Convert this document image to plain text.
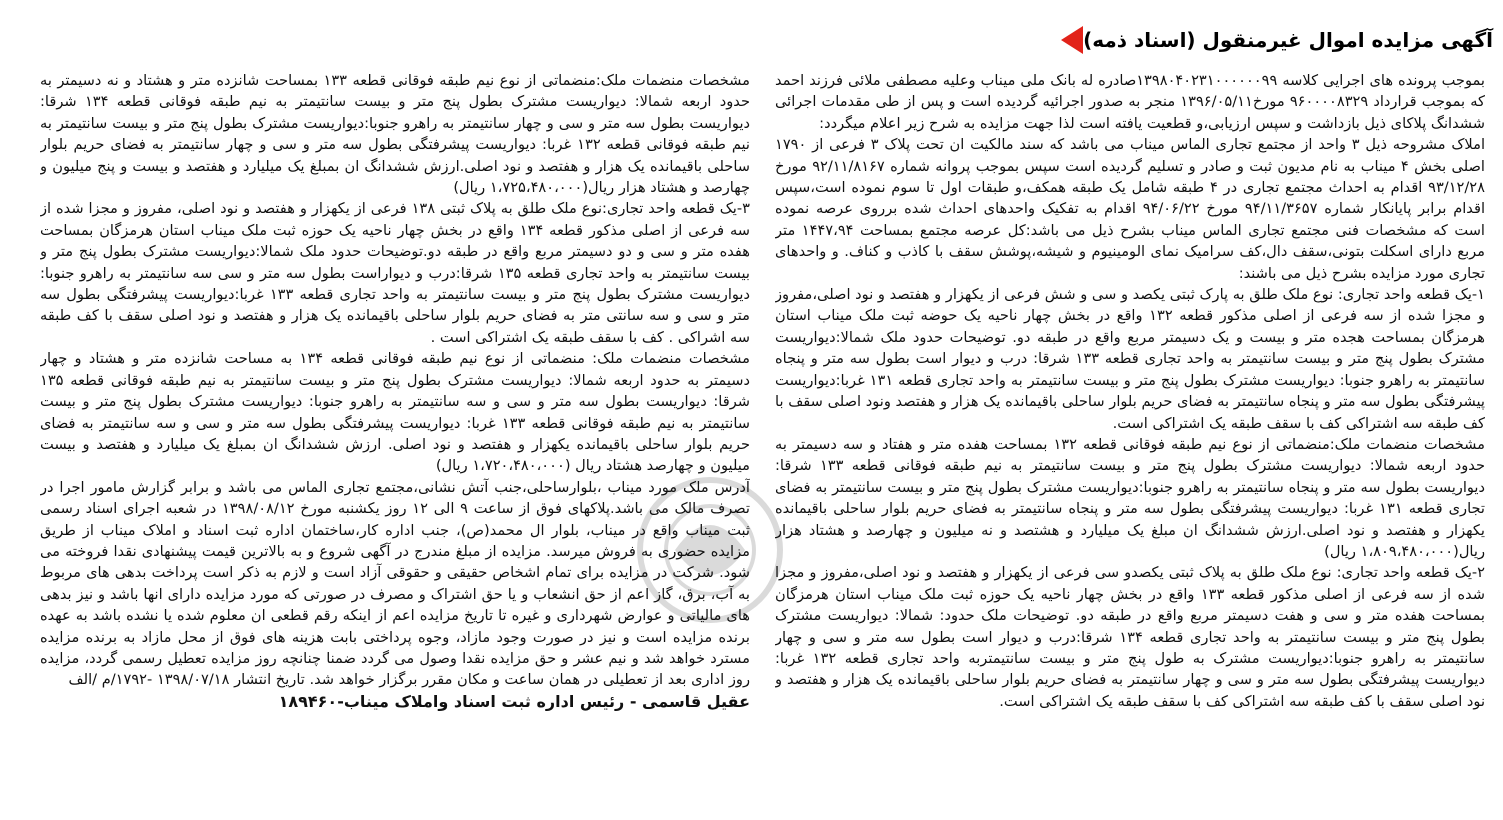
آگهی مزایده اموال غیرمنقول (اسناد ذمه)

بموجب پرونده های اجرایی کلاسه ۱۳۹۸۰۴۰۲۳۱۰۰۰۰۰۰۹۹صادره له بانک ملی میناب وعلیه مصطفی ملائی فرزند احمد که بموجب قرارداد ۹۶۰۰۰۰۸۳۲۹ مورخ۱۳۹۶/۰۵/۱۱ منجر به صدور اجرائیه گردیده است و پس از طی مقدمات اجرائی ششدانگ پلاکای ذیل بازداشت و سپس ارزیابی،و قطعیت یافته است لذا جهت مزایده به شرح زیر اعلام میگردد:

املاک مشروحه ذیل ۳ واحد از مجتمع تجاری الماس میناب می باشد که سند مالکیت ان تحت پلاک ۳ فرعی از ۱۷۹۰ اصلی بخش ۴ میناب به نام مدیون ثبت و صادر و تسلیم گردیده است سپس بموجب پروانه شماره ۹۲/۱۱/۸۱۶۷ مورخ ۹۳/۱۲/۲۸ اقدام به احداث مجتمع تجاری در ۴ طبقه شامل یک طبقه همکف،و طبقات اول تا سوم نموده است،سپس اقدام برابر پایانکار شماره ۹۴/۱۱/۳۶۵۷ مورخ ۹۴/۰۶/۲۲ اقدام به تفکیک واحدهای احداث شده برروی عرصه نموده است که مشخصات فنی مجتمع تجاری الماس میناب بشرح ذیل می باشد:کل عرصه مجتمع بمساحت ۱۴۴۷،۹۴ متر مربع دارای اسکلت بتونی،سقف دال،کف سرامیک نمای الومینیوم و شیشه،پوشش سقف با کاذب و کناف. و واحدهای تجاری مورد مزایده بشرح ذیل می باشند:

۱-یک قطعه واحد تجاری: نوع ملک طلق به پارک ثبتی یکصد و سی و شش فرعی از یکهزار و هفتصد و نود اصلی،مفروز و مجزا شده از سه فرعی از اصلی مذکور قطعه ۱۳۲ واقع در بخش چهار ناحیه یک حوضه ثبت ملک میناب استان هرمزگان بمساحت هجده متر و بیست و یک دسیمتر مربع واقع در طبقه دو. توضیحات حدود ملک شمالا:دیواریست مشترک بطول پنج متر و بیست سانتیمتر به واحد تجاری قطعه ۱۳۳ شرقا: درب و دیوار است بطول سه متر و پنجاه سانتیمتر به راهرو جنوبا: دیواریست مشترک بطول پنج متر و بیست سانتیمتر به واحد تجاری قطعه ۱۳۱ غربا:دیواریست پیشرفتگی بطول سه متر و پنجاه سانتیمتر به فضای حریم بلوار ساحلی باقیمانده یک هزار و هفتصد ونود اصلی سقف با کف طبقه سه اشتراکی کف با سقف طبقه یک اشتراکی است.

مشخصات منضمات ملک:منضماتی از نوع نیم طبقه فوقانی قطعه ۱۳۲ بمساحت هفده متر و هفتاد و سه دسیمتر به حدود اربعه شمالا: دیواریست مشترک بطول پنج متر و بیست سانتیمتر به نیم طبقه فوقانی قطعه ۱۳۳ شرقا: دیواریست بطول سه متر و پنجاه سانتیمتر به راهرو جنوبا:دیواریست مشترک بطول پنج متر و بیست سانتیمتر به فضای تجاری قطعه ۱۳۱ غربا: دیواریست پیشرفتگی بطول سه متر و پنجاه سانتیمتر به فضای حریم بلوار ساحلی باقیمانده یکهزار و هفتصد و نود اصلی.ارزش ششدانگ ان مبلغ یک میلیارد و هشتصد و نه میلیون و چهارصد و هشتاد هزار ریال(۱،۸۰۹،۴۸۰،۰۰۰ ریال)

۲-یک قطعه واحد تجاری: نوع ملک طلق به پلاک ثبتی یکصدو سی فرعی از یکهزار و هفتصد و نود اصلی،مفروز و مجزا شده از سه فرعی از اصلی مذکور قطعه ۱۳۳ واقع در بخش چهار ناحیه یک حوزه ثبت ملک میناب استان هرمزگان بمساحت هفده متر و سی و هفت دسیمتر مربع واقع در طبقه دو. توضیحات ملک حدود: شمالا: دیواریست مشترک بطول پنج متر و بیست سانتیمتر به واحد تجاری قطعه ۱۳۴ شرقا:درب و دیوار است بطول سه متر و سی و چهار سانتیمتر به راهرو جنوبا:دیواریست مشترک به طول پنج متر و بیست سانتیمتربه واحد تجاری قطعه ۱۳۲ غربا: دیواریست پیشرفتگی بطول سه متر و سی و چهار سانتیمتر به فضای حریم بلوار ساحلی باقیمانده یک هزار و هفتصد و نود اصلی سقف با کف طبقه سه اشتراکی کف با سقف طبقه یک اشتراکی است.

مشخصات منضمات ملک:منضماتی از نوع نیم طبقه فوقانی قطعه ۱۳۳ بمساحت شانزده متر و هشتاد و نه دسیمتر به حدود اربعه شمالا: دیواریست مشترک بطول پنج متر و بیست سانتیمتر به نیم طبقه فوقانی قطعه ۱۳۴ شرقا: دیواریست بطول سه متر و سی و چهار سانتیمتر به راهرو جنوبا:دیواریست مشترک بطول پنج متر و بیست سانتیمتر به نیم طبقه فوقانی قطعه ۱۳۲ غربا: دیواریست پیشرفتگی بطول سه متر و سی و چهار سانتیمتر به فضای حریم بلوار ساحلی باقیمانده یک هزار و هفتصد و نود اصلی.ارزش ششدانگ ان بمبلغ یک میلیارد و هفتصد و بیست و پنج میلیون و چهارصد و هشتاد هزار ریال(۱،۷۲۵،۴۸۰،۰۰۰ ریال)

۳-یک قطعه واحد تجاری:نوع ملک طلق به پلاک ثبتی ۱۳۸ فرعی از یکهزار و هفتصد و نود اصلی، مفروز و مجزا شده از سه فرعی از اصلی مذکور قطعه ۱۳۴ واقع در بخش چهار ناحیه یک حوزه ثبت ملک میناب استان هرمزگان بمساحت هفده متر و سی و دو دسیمتر مربع واقع در طبقه دو.توضیحات حدود ملک شمالا:دیواریست مشترک بطول پنج متر و بیست سانتیمتر به واحد تجاری قطعه ۱۳۵ شرقا:درب و دیواراست بطول سه متر و سی سه سانتیمتر به راهرو جنوبا: دیواریست مشترک بطول پنج متر و بیست سانتیمتر به واحد تجاری قطعه ۱۳۳ غربا:دیواریست پیشرفتگی بطول سه متر و سی و سه سانتی متر به فضای حریم بلوار ساحلی باقیمانده یک هزار و هفتصد و نود اصلی سقف با کف طبقه سه اشراکی . کف با سقف طبقه یک اشتراکی است .

مشخصات منضمات ملک: منضماتی از نوع نیم طبقه فوقانی قطعه ۱۳۴ به مساحت شانزده متر و هشتاد و چهار دسیمتر به حدود اربعه شمالا: دیواریست مشترک بطول پنج متر و بیست سانتیمتر به نیم طبقه فوقانی قطعه ۱۳۵ شرقا: دیواریست بطول سه متر و سی و سه سانتیمتر به راهرو جنوبا: دیواریست مشترک بطول پنج متر و بیست سانتیمتر به نیم طبقه فوقانی قطعه ۱۳۳ غربا: دیواریست پیشرفتگی بطول سه متر و سی و سه سانتیمتر به فضای حریم بلوار ساحلی باقیمانده یکهزار و هفتصد و نود اصلی. ارزش ششدانگ ان بمبلغ یک میلیارد و هفتصد و بیست میلیون و چهارصد هشتاد ریال (۱،۷۲۰،۴۸۰،۰۰۰ ریال)

آدرس ملک مورد میناب ،بلوارساحلی،جنب آتش نشانی،مجتمع تجاری الماس می باشد و برابر گزارش مامور اجرا در تصرف مالک می باشد.پلاکهای فوق از ساعت ۹ الی ۱۲ روز یکشنبه مورخ ۱۳۹۸/۰۸/۱۲ در شعبه اجرای اسناد رسمی ثبت میناب واقع در میناب، بلوار ال محمد(ص)، جنب اداره کار،ساختمان اداره ثبت اسناد و املاک میناب از طریق مزایده حضوری به فروش میرسد. مزایده از مبلغ مندرج در آگهی شروع و به بالاترین قیمت پیشنهادی نقدا فروخته می شود. شرکت در مزایده برای تمام اشخاص حقیقی و حقوقی آزاد است و لازم به ذکر است پرداخت بدهی های مربوط به آب، برق، گاز اعم از حق انشعاب و یا حق اشتراک و مصرف در صورتی که مورد مزایده دارای انها باشد و نیز بدهی های مالیاتی و عوارض شهرداری و غیره تا تاریخ مزایده اعم از اینکه رقم قطعی ان معلوم شده یا نشده باشد به عهده برنده مزایده است و نیز در صورت وجود مازاد، وجوه پرداختی بابت هزینه های فوق از محل مازاد به برنده مزایده مسترد خواهد شد و نیم عشر و حق مزایده نقدا وصول می گردد ضمنا چنانچه روز مزایده تعطیل رسمی گردد، مزایده روز اداری بعد از تعطیلی در همان ساعت و مکان مقرر برگزار خواهد شد. تاریخ انتشار ۱۳۹۸/۰۷/۱۸ -۱۷۹۲/م /الف

عقیل قاسمی - رئیس اداره ثبت اسناد واملاک میناب-۱۸۹۴۶۰
